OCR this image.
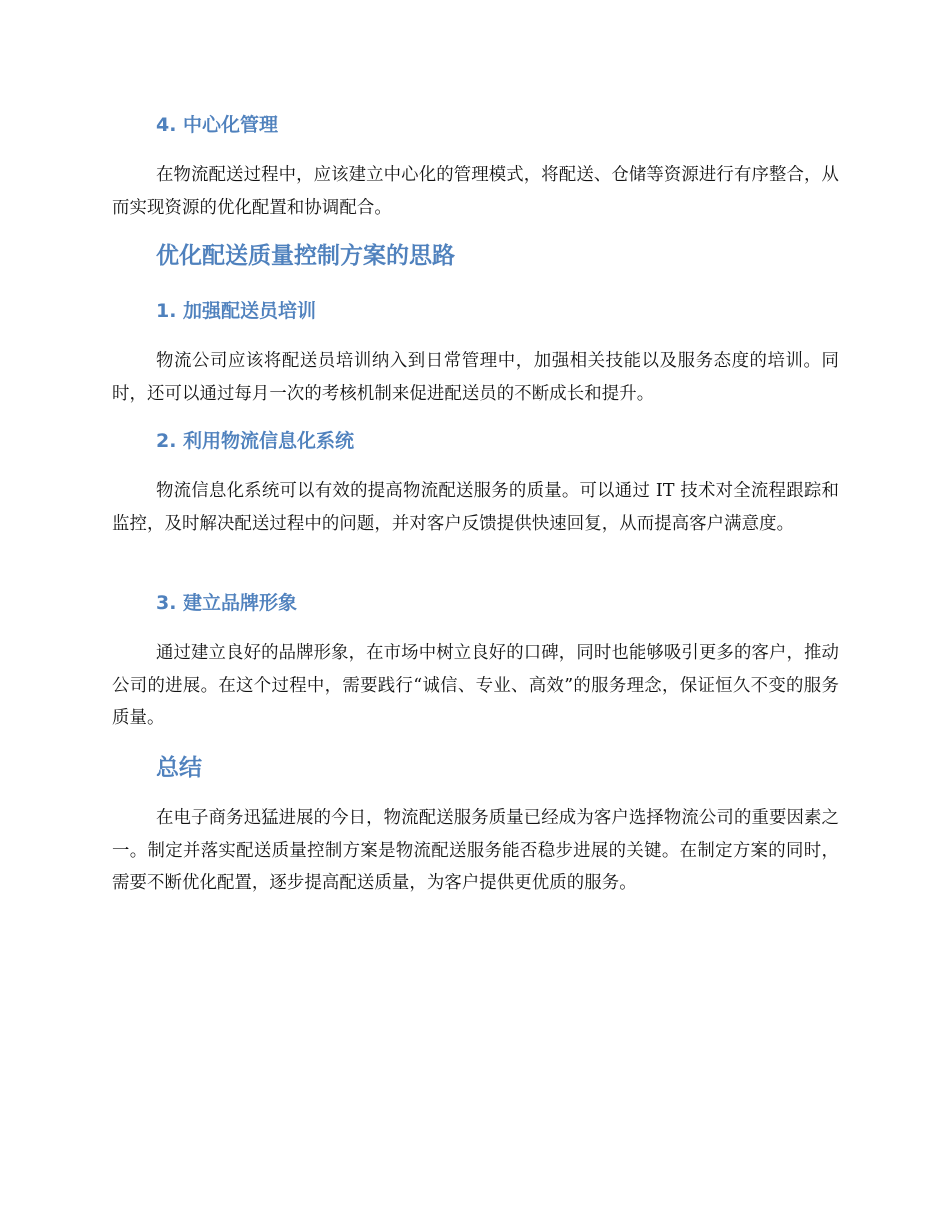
4. 中心化管理

在物流配送过程中，应该建立中心化的管理模式，将配送、仓储等资源进行有序整合，从而实现资源的优化配置和协调配合。

优化配送质量控制方案的思路
1. 加强配送员培训

物流公司应该将配送员培训纳入到日常管理中，加强相关技能以及服务态度的培训。同时，还可以通过每月一次的考核机制来促进配送员的不断成长和提升。

2. 利用物流信息化系统

物流信息化系统可以有效的提高物流配送服务的质量。可以通过 IT 技术对全流程跟踪和监控，及时解决配送过程中的问题，并对客户反馈提供快速回复，从而提高客户满意度。

3. 建立品牌形象

通过建立良好的品牌形象，在市场中树立良好的口碑，同时也能够吸引更多的客户，推动公司的进展。在这个过程中，需要践行“诚信、专业、高效”的服务理念，保证恒久不变的服务质量。

总结

在电子商务迅猛进展的今日，物流配送服务质量已经成为客户选择物流公司的重要因素之一。制定并落实配送质量控制方案是物流配送服务能否稳步进展的关键。在制定方案的同时，需要不断优化配置，逐步提高配送质量，为客户提供更优质的服务。
